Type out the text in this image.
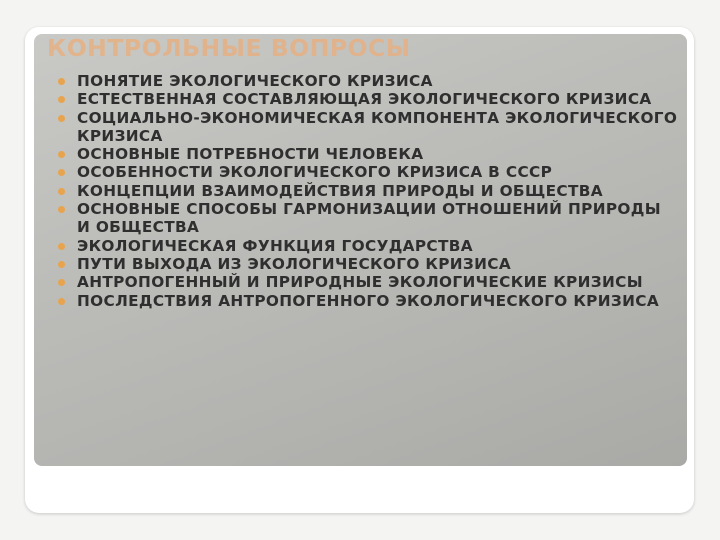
КОНТРОЛЬНЫЕ ВОПРОСЫ
ПОНЯТИЕ ЭКОЛОГИЧЕСКОГО КРИЗИСА
ЕСТЕСТВЕННАЯ СОСТАВЛЯЮЩАЯ ЭКОЛОГИЧЕСКОГО КРИЗИСА
СОЦИАЛЬНО-ЭКОНОМИЧЕСКАЯ КОМПОНЕНТА ЭКОЛОГИЧЕСКОГО КРИЗИСА
ОСНОВНЫЕ ПОТРЕБНОСТИ ЧЕЛОВЕКА
ОСОБЕННОСТИ ЭКОЛОГИЧЕСКОГО КРИЗИСА В СССР
КОНЦЕПЦИИ ВЗАИМОДЕЙСТВИЯ ПРИРОДЫ И ОБЩЕСТВА
ОСНОВНЫЕ СПОСОБЫ ГАРМОНИЗАЦИИ ОТНОШЕНИЙ ПРИРОДЫ И ОБЩЕСТВА
ЭКОЛОГИЧЕСКАЯ ФУНКЦИЯ ГОСУДАРСТВА
ПУТИ ВЫХОДА ИЗ ЭКОЛОГИЧЕСКОГО КРИЗИСА
АНТРОПОГЕННЫЙ И ПРИРОДНЫЕ ЭКОЛОГИЧЕСКИЕ КРИЗИСЫ
ПОСЛЕДСТВИЯ АНТРОПОГЕННОГО ЭКОЛОГИЧЕСКОГО КРИЗИСА
